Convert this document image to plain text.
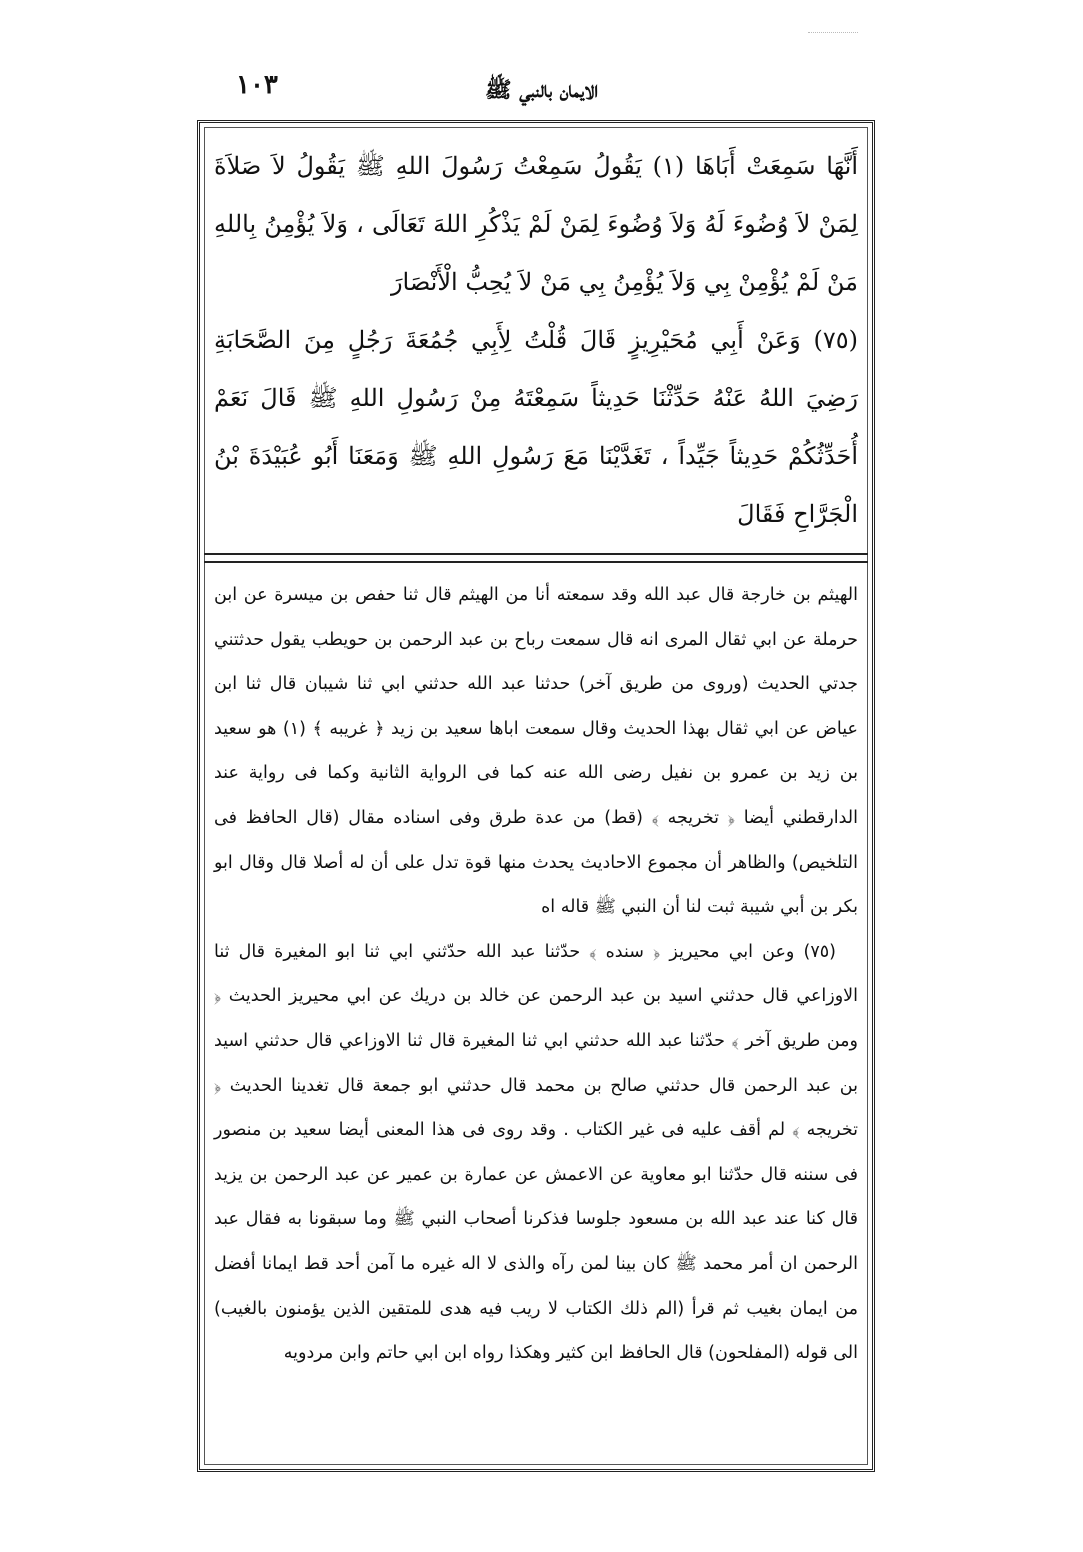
١٠٣	الايمان بالنبي ﷺ

أَنَّهَا سَمِعَتْ أَبَاهَا (١) يَقُولُ سَمِعْتُ رَسُولَ اللهِ ﷺ يَقُولُ لاَ صَلاَةَ لِمَنْ لاَ وُضُوءَ لَهُ وَلاَ وُضُوءَ لِمَنْ لَمْ يَذْكُرِ اللهَ تَعَالَى ، وَلاَ يُؤْمِنُ بِاللهِ مَنْ لَمْ يُؤْمِنْ بِي وَلاَ يُؤْمِنُ بِي مَنْ لاَ يُحِبُّ الْأَنْصَارَ

(٧٥) وَعَنْ أَبِي مُحَيْرِيزٍ قَالَ قُلْتُ لِأَبِي جُمُعَةَ رَجُلٍ مِنَ الصَّحَابَةِ رَضِيَ اللهُ عَنْهُ حَدِّثْنَا حَدِيثاً سَمِعْتَهُ مِنْ رَسُولِ اللهِ ﷺ قَالَ نَعَمْ أُحَدِّثُكُمْ حَدِيثاً جَيِّداً ، تَغَدَّيْنَا مَعَ رَسُولِ اللهِ ﷺ وَمَعَنَا أَبُو عُبَيْدَةَ بْنُ الْجَرَّاحِ فَقَالَ

الهيثم بن خارجة قال عبد الله وقد سمعته أنا من الهيثم قال ثنا حفص بن ميسرة عن ابن حرملة عن ابي ثقال المرى انه قال سمعت رباح بن عبد الرحمن بن حويطب يقول حدثتني جدتي الحديث (وروى من طريق آخر) حدثنا عبد الله حدثني ابي ثنا شيبان قال ثنا ابن عياض عن ابي ثقال بهذا الحديث وقال سمعت اباها سعيد بن زيد ﴿ غريبه ﴾ (١) هو سعيد بن زيد بن عمرو بن نفيل رضى الله عنه كما فى الرواية الثانية وكما فى رواية عند الدارقطني أيضا ﴿ تخريجه ﴾ (قط) من عدة طرق وفى اسناده مقال (قال الحافظ فى التلخيص) والظاهر أن مجموع الاحاديث يحدث منها قوة تدل على أن له أصلا قال وقال ابو بكر بن أبي شيبة ثبت لنا أن النبي ﷺ قاله اه

(٧٥) وعن ابي محيريز ﴿ سنده ﴾ حدّثنا عبد الله حدّثني ابي ثنا ابو المغيرة قال ثنا الاوزاعي قال حدثني اسيد بن عبد الرحمن عن خالد بن دريك عن ابي محيريز الحديث ﴿ ومن طريق آخر ﴾ حدّثنا عبد الله حدثني ابي ثنا المغيرة قال ثنا الاوزاعي قال حدثني اسيد بن عبد الرحمن قال حدثني صالح بن محمد قال حدثني ابو جمعة قال تغدينا الحديث ﴿ تخريجه ﴾ لم أقف عليه فى غير الكتاب . وقد روى فى هذا المعنى أيضا سعيد بن منصور فى سننه قال حدّثنا ابو معاوية عن الاعمش عن عمارة بن عمير عن عبد الرحمن بن يزيد قال كنا عند عبد الله بن مسعود جلوسا فذكرنا أصحاب النبي ﷺ وما سبقونا به فقال عبد الرحمن ان أمر محمد ﷺ كان بينا لمن رآه والذى لا اله غيره ما آمن أحد قط ايمانا أفضل من ايمان بغيب ثم قرأ (الم ذلك الكتاب لا ريب فيه هدى للمتقين الذين يؤمنون بالغيب) الى قوله (المفلحون) قال الحافظ ابن كثير وهكذا رواه ابن ابي حاتم وابن مردويه
